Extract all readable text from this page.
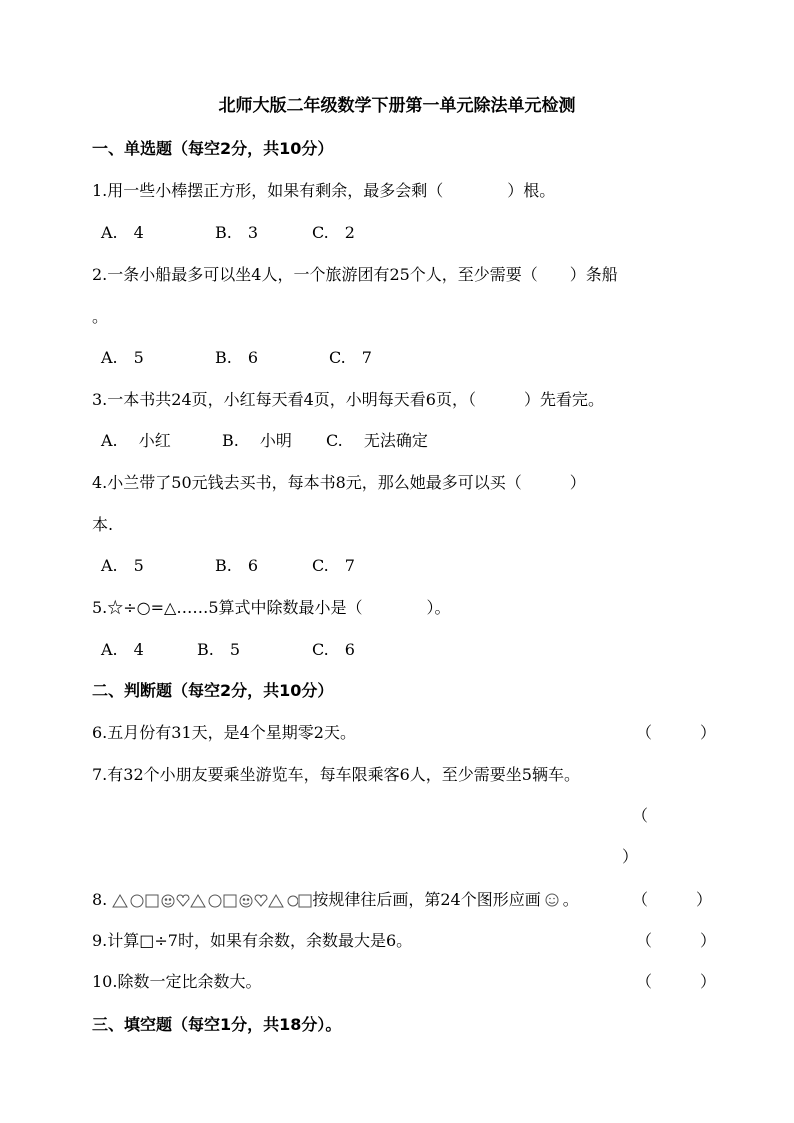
北师大版二年级数学下册第一单元除法单元检测
一、单选题（每空2分，共10分）
1.用一些小棒摆正方形，如果有剩余，最多会剩（　　　　）根。
A.　4	B.　3	C.　2
2.一条小船最多可以坐4人，一个旅游团有25个人，至少需要（　　）条船
。
A.　5	B.　6	C.　7
3.一本书共24页，小红每天看4页，小明每天看6页，（　　　）先看完。
A.　 小红	B.　 小明 C.　 无法确定
4.小兰带了50元钱去买书，每本书8元，那么她最多可以买（　　　）
本.
A.　5	B.　6	C.　7
5.☆÷○=△……5算式中除数最小是（　　　　）。
A.　4	B.　5	C.　6
二、判断题（每空2分，共10分）
6.五月份有31天，是4个星期零2天。	（　　　）
7.有32个小朋友要乘坐游览车，每车限乘客6人，至少需要坐5辆车。
（
）
8.	按规律往后画，第24个图形应画 。	（　　　）
9.计算□÷7时，如果有余数，余数最大是6。	（　　　）
10.除数一定比余数大。	（　　　）
三、填空题（每空1分，共18分）。
